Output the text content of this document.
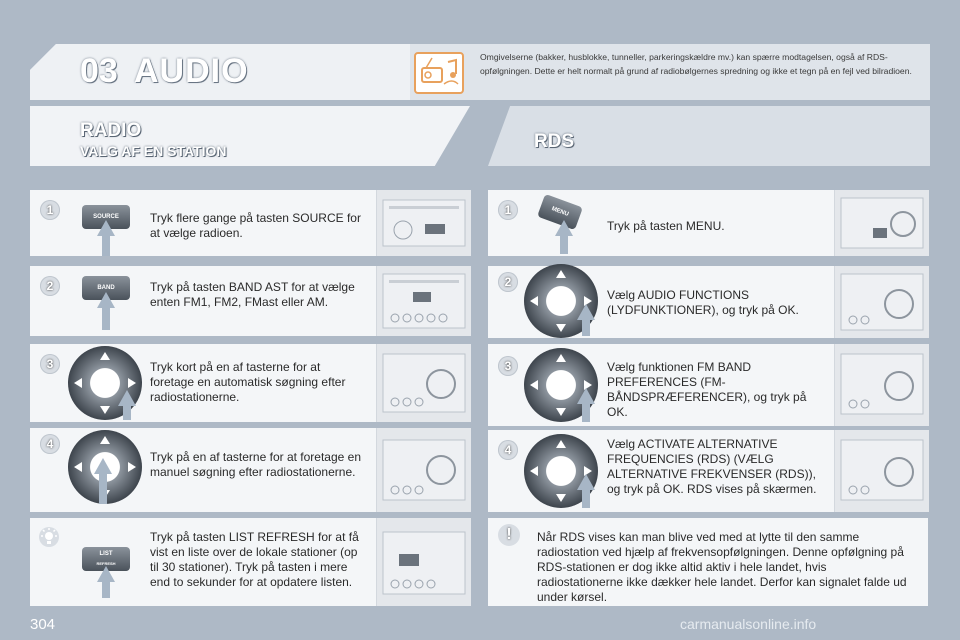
03 AUDIO	Omgivelserne (bakker, husblokke, tunneller, parkeringskældre mv.) kan spærre modtagelsen, også af RDS-opfølgningen. Dette er helt normalt på grund af radiobølgernes spredning og ikke et tegn på en fejl ved bilradioen.
RADIO
VALG AF EN STATION	RDS
1	SOURCE	Tryk flere gange på tasten SOURCE for at vælge radioen.
2	BAND	Tryk på tasten BAND AST for at vælge enten FM1, FM2, FMast eller AM.
3	Tryk kort på en af tasterne for at foretage en automatisk søgning efter radiostationerne.
4
Tryk på en af tasterne for at foretage en manuel søgning efter radiostationerne.
LIST
REFRESH
Tryk på tasten LIST REFRESH for at få vist en liste over de lokale stationer (op til 30 stationer). Tryk på tasten i mere end to sekunder for at opdatere listen.
1	MENU
Tryk på tasten MENU.
2
Vælg AUDIO FUNCTIONS (LYDFUNKTIONER), og tryk på OK.
3	Vælg funktionen FM BAND PREFERENCES (FM-BÅNDSPRÆFERENCER), og tryk på OK.
4	Vælg ACTIVATE ALTERNATIVE FREQUENCIES (RDS) (VÆLG ALTERNATIVE FREKVENSER (RDS)), og tryk på OK. RDS vises på skærmen.
!	Når RDS vises kan man blive ved med at lytte til den samme radiostation ved hjælp af frekvensopfølgningen. Denne opfølgning på RDS-stationen er dog ikke altid aktiv i hele landet, hvis radiostationerne ikke dækker hele landet. Derfor kan signalet falde ud under kørsel.
304	carmanualsonline.info
